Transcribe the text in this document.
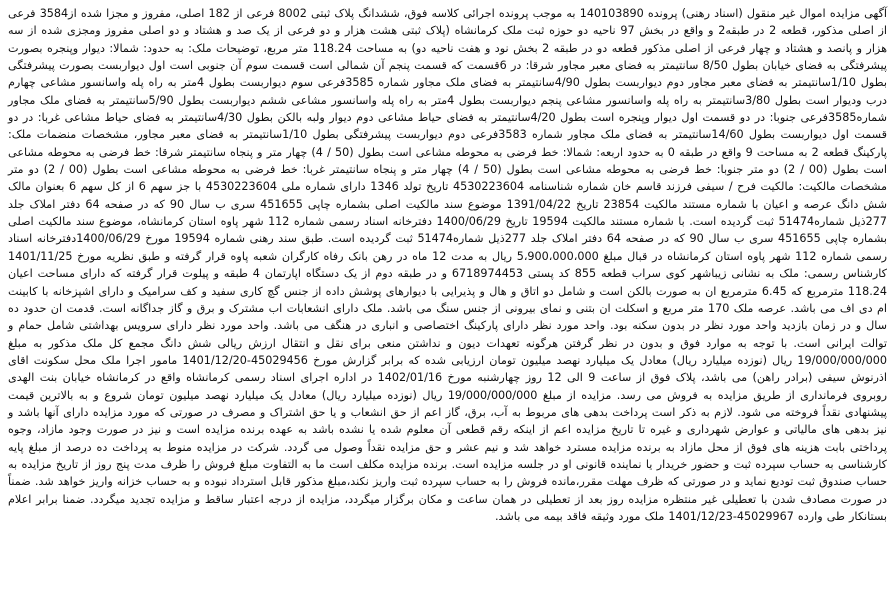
آگهی مزایده اموال غیر منقول (اسناد رهنی) پرونده 140103890 به موجب پرونده اجرائی کلاسه فوق، ششدانگ پلاک ثبتی 8002 فرعی از 182 اصلی، مفروز و مجزا شده از3584 فرعی از اصلی مذکور، قطعه 2 در طبقه2 و واقع در بخش 97 ناحیه دو حوزه ثبت ملک کرمانشاه (پلاک ثبتی هشت هزار و دو فرعی از یک صد و هشتاد و دو اصلی مفروز ومجزی شده از سه هزار و پانصد و هشتاد و چهار فرعی از اصلی مذکور قطعه دو در طبقه 2 بخش نود و هفت ناحیه دو) به مساحت 118.24 متر مربع، توضیحات ملک: به حدود: شمالا: دیوار وپنجره بصورت پیشرفتگی به فضای خیابان بطول 8/50 سانتیمتر به فضای معبر مجاور شرقا: در 6قسمت که قسمت پنجم آن شمالی است قسمت سوم آن جنوبی است اول دیواربست بصورت پیشرفتگی بطول 1/10سانتیمتر به فضای معبر مجاور دوم دیواربست بطول 4/90سانتیمتر به فضای ملک مجاور شماره 3585فرعی سوم دیواربست بطول 4متر به راه پله واسانسور مشاعی چهارم درب ودیوار است بطول 3/80سانتیمتر به راه پله واسانسور مشاعی پنجم دیواربست بطول 4متر به راه پله واسانسور مشاعی ششم دیواربست بطول 5/90سانتیمتر به فضای ملک مجاور شماره3585فرعی جنوبا: در دو قسمت اول دیوار وپنجره است بطول 4/20سانتیمتر به فضای حیاط مشاعی دوم دیوار ولبه بالکن بطول 4/30سانتیمتر به فضای حیاط مشاعی غربا: در دو قسمت اول دیواربست بطول 14/60سانتیمتر به فضای ملک مجاور شماره 3583فرعی دوم دیواربست پیشرفتگی بطول 1/10سانتیمتر به فضای معبر مجاور، مشخصات منضمات ملک: پارکینگ قطعه 2 به مساحت 9 واقع در طبقه 0 به حدود اربعه: شمالا: خط فرضی به محوطه مشاعی است بطول (50 / 4) چهار متر و پنجاه سانتیمتر شرقا: خط فرضی به محوطه مشاعی است بطول (00 / 2) دو متر جنوبا: خط فرضی به محوطه مشاعی است بطول (50 / 4) چهار متر و پنجاه سانتیمتر غربا: خط فرضی به محوطه مشاعی است بطول (00 / 2) دو متر مشخصات مالکیت: مالکیت فرح / سیفی فرزند قاسم خان شماره شناسنامه 4530223604 تاریخ تولد 1346 دارای شماره ملی 4530223604 با جز سهم 6 از کل سهم 6 بعنوان مالک شش دانگ عرصه و اعیان با شماره مستند مالکیت 23854 تاریخ 1391/04/22 موضوع سند مالکیت اصلی بشماره چاپی 451655 سری ب سال 90 که در صفحه 64 دفتر املاک جلد 277ذیل شماره51474 ثبت گردیده است. با شماره مستند مالکیت 19594 تاریخ 1400/06/29 دفترخانه اسناد رسمی شماره 112 شهر پاوه استان کرمانشاه، موضوع سند مالکیت اصلی بشماره چاپی 451655 سری ب سال 90 که در صفحه 64 دفتر املاک جلد 277ذیل شماره51474 ثبت گردیده است. طبق سند رهنی شماره 19594 مورخ 1400/06/29دفترخانه اسناد رسمی شماره 112 شهر پاوه استان کرمانشاه در قبال مبلغ 5،900،000،000 ریال به مدت 12 ماه در رهن بانک رفاه کارگران شعبه پاوه قرار گرفته و طبق نظریه مورخ 1401/11/25 کارشناس رسمی: ملک به نشانی زیباشهر کوی سراب قطعه 855 کد پستی 6718974453 و در طبقه دوم از یک دستگاه اپارتمان 4 طبقه و پیلوت قرار گرفته که دارای مساحت اعیان 118.24 مترمربع که 6.45 مترمربع ان به صورت بالکن است و شامل دو اتاق و هال و پذیرایی با دیوارهای پوشش داده از جنس گچ کاری سفید و کف سرامیک و دارای اشپزخانه با کابینت ام دی اف می باشد. عرصه ملک 170 متر مربع و اسکلت ان بتنی و نمای بیرونی از جنس سنگ می باشد. ملک دارای انشعابات اب مشترک و برق و گاز جداگانه است. قدمت ان حدود ده سال و در زمان بازدید واحد مورد نظر در بدون سکنه بود. واحد مورد نظر دارای پارکینگ اختصاصی و انباری در هنگف می باشد. واحد مورد نظر دارای سرویس بهداشتی شامل حمام و توالت ایرانی است. با توجه به موارد فوق و بدون در نظر گرفتن هرگونه تعهدات دیون و نداشتن منعی برای نقل و انتقال ارزش ریالی شش دانگ مجمع کل ملک مذکور به مبلغ 19/000/000/000 ریال (نوزده میلیارد ریال) معادل یک میلیارد نهصد میلیون تومان ارزیابی شده که برابر گزارش مورخ 45029456-1401/12/20 مامور اجرا ملک محل سکونت اقای اذرنوش سیفی (برادر راهن) می باشد، پلاک فوق از ساعت 9 الی 12 روز چهارشنبه مورخ 1402/01/16 در اداره اجرای اسناد رسمی کرمانشاه واقع در کرمانشاه خیابان بنت الهدی روبروی فرمانداری از طریق مزایده به فروش می رسد. مزایده از مبلغ 19/000/000/000 ریال (نوزده میلیارد ریال) معادل یک میلیارد نهصد میلیون تومان شروع و به بالاترین قیمت پیشنهادی نقداً فروخته می شود. لازم به ذکر است پرداخت بدهی های مربوط به آب، برق، گاز اعم از حق انشعاب و یا حق اشتراک و مصرف در صورتی که مورد مزایده دارای آنها باشد و نیز بدهی های مالیاتی و عوارض شهرداری و غیره تا تاریخ مزایده اعم از اینکه رقم قطعی آن معلوم شده یا نشده باشد به عهده برنده مزایده است و نیز در صورت وجود مازاد، وجوه پرداختی بابت هزینه های فوق از محل مازاد به برنده مزایده مسترد خواهد شد و نیم عشر و حق مزایده نقداً وصول می گردد. شرکت در مزایده منوط به پرداخت ده درصد از مبلغ پایه کارشناسی به حساب سپرده ثبت و حضور خریدار یا نماینده قانونی او در جلسه مزایده است. برنده مزایده مکلف است ما به التفاوت مبلغ فروش را ظرف مدت پنج روز از تاریخ مزایده به حساب صندوق ثبت تودیع نماید و در صورتی که ظرف مهلت مقرر،مانده فروش را به حساب سپرده ثبت واریز نکند،مبلغ مذکور قابل استرداد نبوده و به حساب خزانه واریز خواهد شد. ضمناً در صورت مصادف شدن با تعطیلی غیر منتظره مزایده روز بعد از تعطیلی در همان ساعت و مکان برگزار میگردد، مزایده از درجه اعتبار ساقط و مزایده تجدید میگردد. ضمنا برابر اعلام بستانکار طی وارده 45029967-1401/12/23 ملک مورد وثیقه فاقد بیمه می باشد.
